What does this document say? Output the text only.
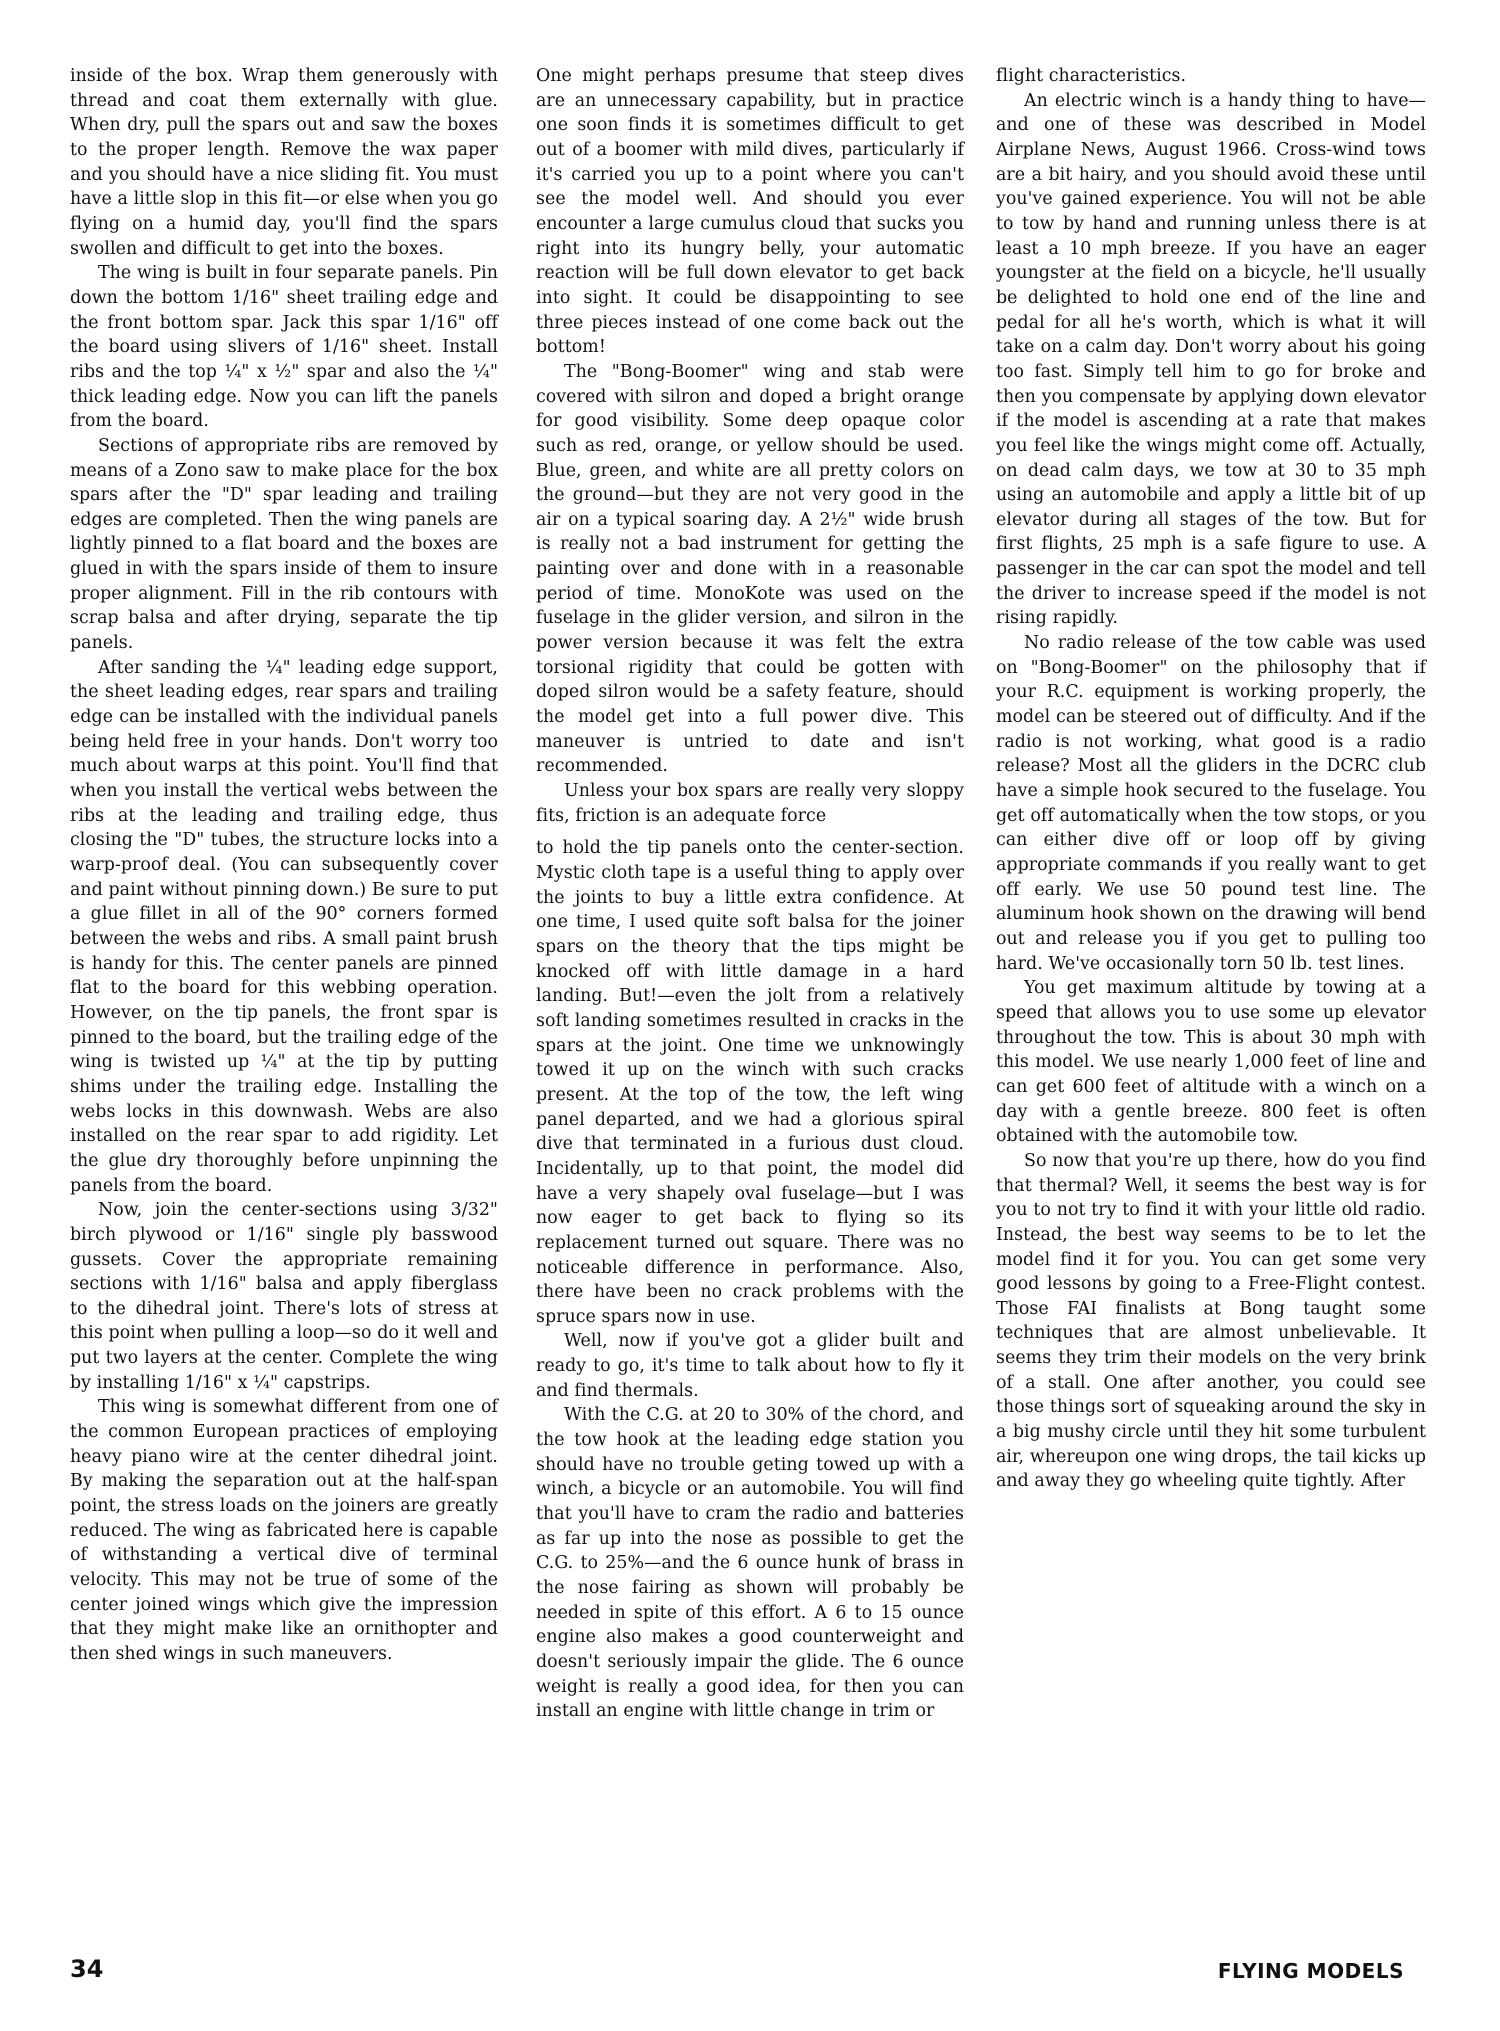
inside of the box. Wrap them generously with thread and coat them externally with glue. When dry, pull the spars out and saw the boxes to the proper length. Remove the wax paper and you should have a nice sliding fit. You must have a little slop in this fit—or else when you go flying on a humid day, you'll find the spars swollen and difficult to get into the boxes.

The wing is built in four separate panels. Pin down the bottom 1/16" sheet trailing edge and the front bottom spar. Jack this spar 1/16" off the board using slivers of 1/16" sheet. Install ribs and the top ¼" x ½" spar and also the ¼" thick leading edge. Now you can lift the panels from the board.

Sections of appropriate ribs are removed by means of a Zono saw to make place for the box spars after the "D" spar leading and trailing edges are completed. Then the wing panels are lightly pinned to a flat board and the boxes are glued in with the spars inside of them to insure proper alignment. Fill in the rib contours with scrap balsa and after drying, separate the tip panels.

After sanding the ¼" leading edge support, the sheet leading edges, rear spars and trailing edge can be installed with the individual panels being held free in your hands. Don't worry too much about warps at this point. You'll find that when you install the vertical webs between the ribs at the leading and trailing edge, thus closing the "D" tubes, the structure locks into a warp-proof deal. (You can subsequently cover and paint without pinning down.) Be sure to put a glue fillet in all of the 90° corners formed between the webs and ribs. A small paint brush is handy for this. The center panels are pinned flat to the board for this webbing operation. However, on the tip panels, the front spar is pinned to the board, but the trailing edge of the wing is twisted up ¼" at the tip by putting shims under the trailing edge. Installing the webs locks in this downwash. Webs are also installed on the rear spar to add rigidity. Let the glue dry thoroughly before unpinning the panels from the board.

Now, join the center-sections using 3/32" birch plywood or 1/16" single ply basswood gussets. Cover the appropriate remaining sections with 1/16" balsa and apply fiberglass to the dihedral joint. There's lots of stress at this point when pulling a loop—so do it well and put two layers at the center. Complete the wing by installing 1/16" x ¼" capstrips.

This wing is somewhat different from one of the common European practices of employing heavy piano wire at the center dihedral joint. By making the separation out at the half-span point, the stress loads on the joiners are greatly reduced. The wing as fabricated here is capable of withstanding a vertical dive of terminal velocity. This may not be true of some of the center joined wings which give the impression that they might make like an ornithopter and then shed wings in such maneuvers.

One might perhaps presume that steep dives are an unnecessary capability, but in practice one soon finds it is sometimes difficult to get out of a boomer with mild dives, particularly if it's carried you up to a point where you can't see the model well. And should you ever encounter a large cumulus cloud that sucks you right into its hungry belly, your automatic reaction will be full down elevator to get back into sight. It could be disappointing to see three pieces instead of one come back out the bottom!

The "Bong-Boomer" wing and stab were covered with silron and doped a bright orange for good visibility. Some deep opaque color such as red, orange, or yellow should be used. Blue, green, and white are all pretty colors on the ground—but they are not very good in the air on a typical soaring day. A 2½" wide brush is really not a bad instrument for getting the painting over and done with in a reasonable period of time. MonoKote was used on the fuselage in the glider version, and silron in the power version because it was felt the extra torsional rigidity that could be gotten with doped silron would be a safety feature, should the model get into a full power dive. This maneuver is untried to date and isn't recommended.

Unless your box spars are really very sloppy fits, friction is an adequate force

to hold the tip panels onto the center-section. Mystic cloth tape is a useful thing to apply over the joints to buy a little extra confidence. At one time, I used quite soft balsa for the joiner spars on the theory that the tips might be knocked off with little damage in a hard landing. But!—even the jolt from a relatively soft landing sometimes resulted in cracks in the spars at the joint. One time we unknowingly towed it up on the winch with such cracks present. At the top of the tow, the left wing panel departed, and we had a glorious spiral dive that terminated in a furious dust cloud. Incidentally, up to that point, the model did have a very shapely oval fuselage—but I was now eager to get back to flying so its replacement turned out square. There was no noticeable difference in performance. Also, there have been no crack problems with the spruce spars now in use.

Well, now if you've got a glider built and ready to go, it's time to talk about how to fly it and find thermals.

With the C.G. at 20 to 30% of the chord, and the tow hook at the leading edge station you should have no trouble geting towed up with a winch, a bicycle or an automobile. You will find that you'll have to cram the radio and batteries as far up into the nose as possible to get the C.G. to 25%—and the 6 ounce hunk of brass in the nose fairing as shown will probably be needed in spite of this effort. A 6 to 15 ounce engine also makes a good counterweight and doesn't seriously impair the glide. The 6 ounce weight is really a good idea, for then you can install an engine with little change in trim or

flight characteristics.

An electric winch is a handy thing to have—and one of these was described in Model Airplane News, August 1966. Cross-wind tows are a bit hairy, and you should avoid these until you've gained experience. You will not be able to tow by hand and running unless there is at least a 10 mph breeze. If you have an eager youngster at the field on a bicycle, he'll usually be delighted to hold one end of the line and pedal for all he's worth, which is what it will take on a calm day. Don't worry about his going too fast. Simply tell him to go for broke and then you compensate by applying down elevator if the model is ascending at a rate that makes you feel like the wings might come off. Actually, on dead calm days, we tow at 30 to 35 mph using an automobile and apply a little bit of up elevator during all stages of the tow. But for first flights, 25 mph is a safe figure to use. A passenger in the car can spot the model and tell the driver to increase speed if the model is not rising rapidly.

No radio release of the tow cable was used on "Bong-Boomer" on the philosophy that if your R.C. equipment is working properly, the model can be steered out of difficulty. And if the radio is not working, what good is a radio release? Most all the gliders in the DCRC club have a simple hook secured to the fuselage. You get off automatically when the tow stops, or you can either dive off or loop off by giving appropriate commands if you really want to get off early. We use 50 pound test line. The aluminum hook shown on the drawing will bend out and release you if you get to pulling too hard. We've occasionally torn 50 lb. test lines.

You get maximum altitude by towing at a speed that allows you to use some up elevator throughout the tow. This is about 30 mph with this model. We use nearly 1,000 feet of line and can get 600 feet of altitude with a winch on a day with a gentle breeze. 800 feet is often obtained with the automobile tow.

So now that you're up there, how do you find that thermal? Well, it seems the best way is for you to not try to find it with your little old radio. Instead, the best way seems to be to let the model find it for you. You can get some very good lessons by going to a Free-Flight contest. Those FAI finalists at Bong taught some techniques that are almost unbelievable. It seems they trim their models on the very brink of a stall. One after another, you could see those things sort of squeaking around the sky in a big mushy circle until they hit some turbulent air, whereupon one wing drops, the tail kicks up and away they go wheeling quite tightly. After

34	FLYING MODELS
